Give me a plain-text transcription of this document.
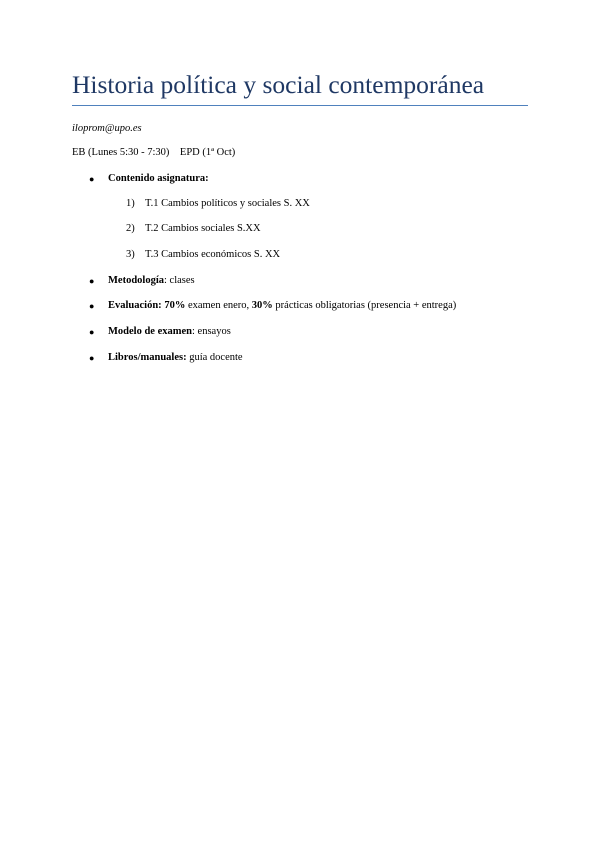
Historia política y social contemporánea
iloprom@upo.es
EB (Lunes 5:30 - 7:30)    EPD (1ª Oct)
● Contenido asignatura:
1) T.1 Cambios políticos y sociales S. XX
2) T.2 Cambios sociales S.XX
3) T.3 Cambios económicos S. XX
● Metodología: clases
● Evaluación: 70% examen enero, 30% prácticas obligatorias (presencia + entrega)
● Modelo de examen: ensayos
● Libros/manuales: guía docente
